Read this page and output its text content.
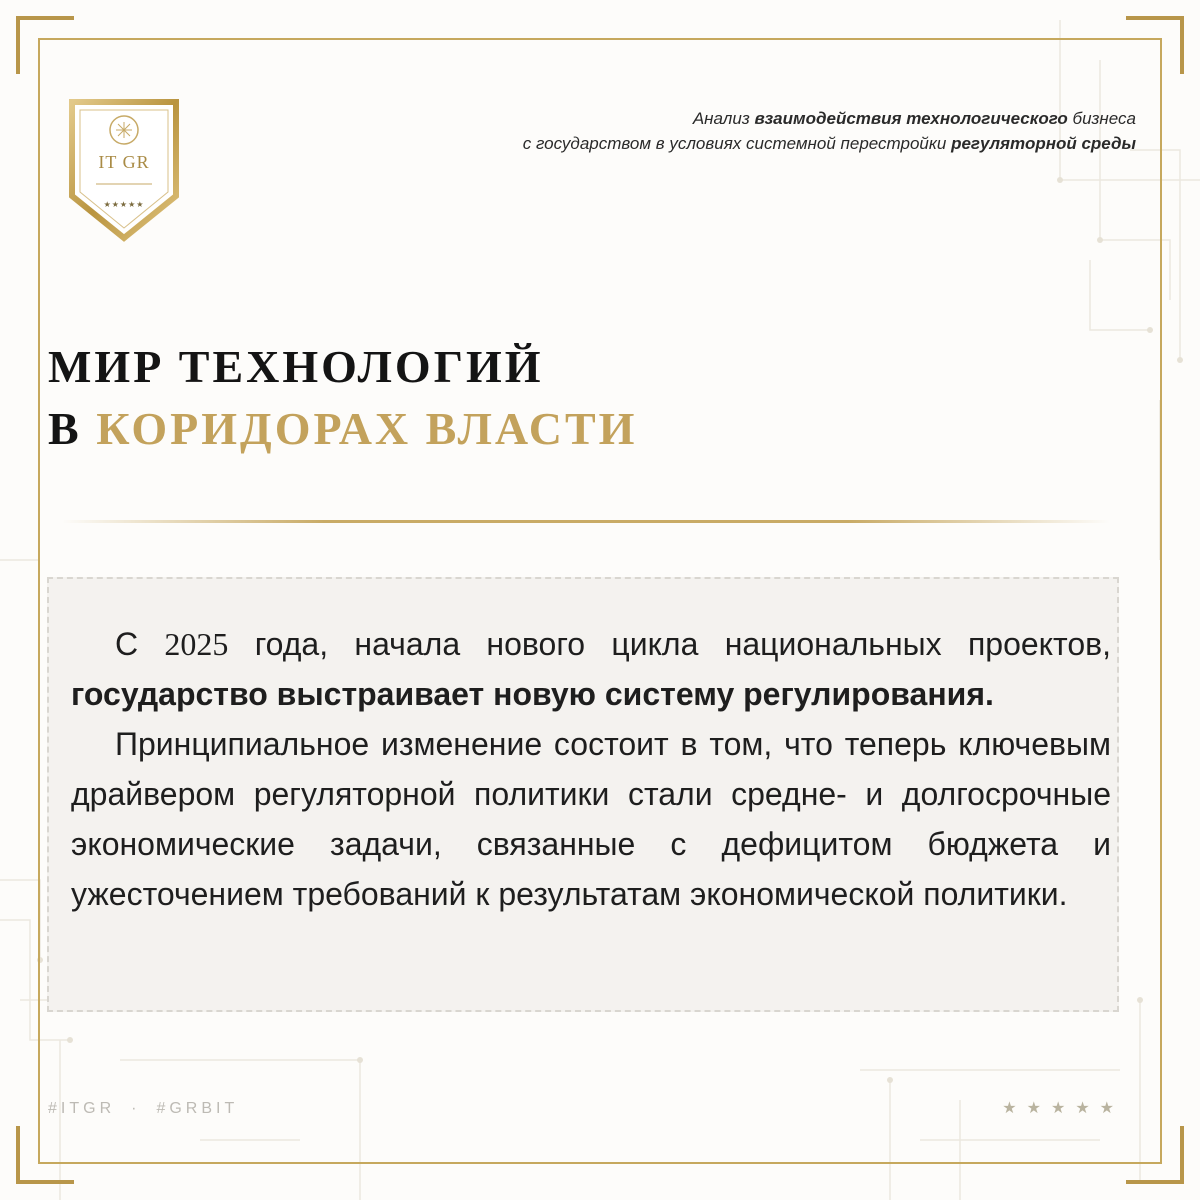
IT GR
★★★★★
Анализ взаимодействия технологического бизнеса
с государством в условиях системной перестройки регуляторной среды
МИР ТЕХНОЛОГИЙ
В КОРИДОРАХ ВЛАСТИ

С 2025 года, начала нового цикла национальных проектов, государство выстраивает новую систему регулирования.

Принципиальное изменение состоит в том, что теперь ключевым драйвером регуляторной политики стали средне- и долгосрочные экономические задачи, связанные с дефицитом бюджета и ужесточением требований к результатам экономической политики.

#ITGR · #GRBIT	★★★★★
